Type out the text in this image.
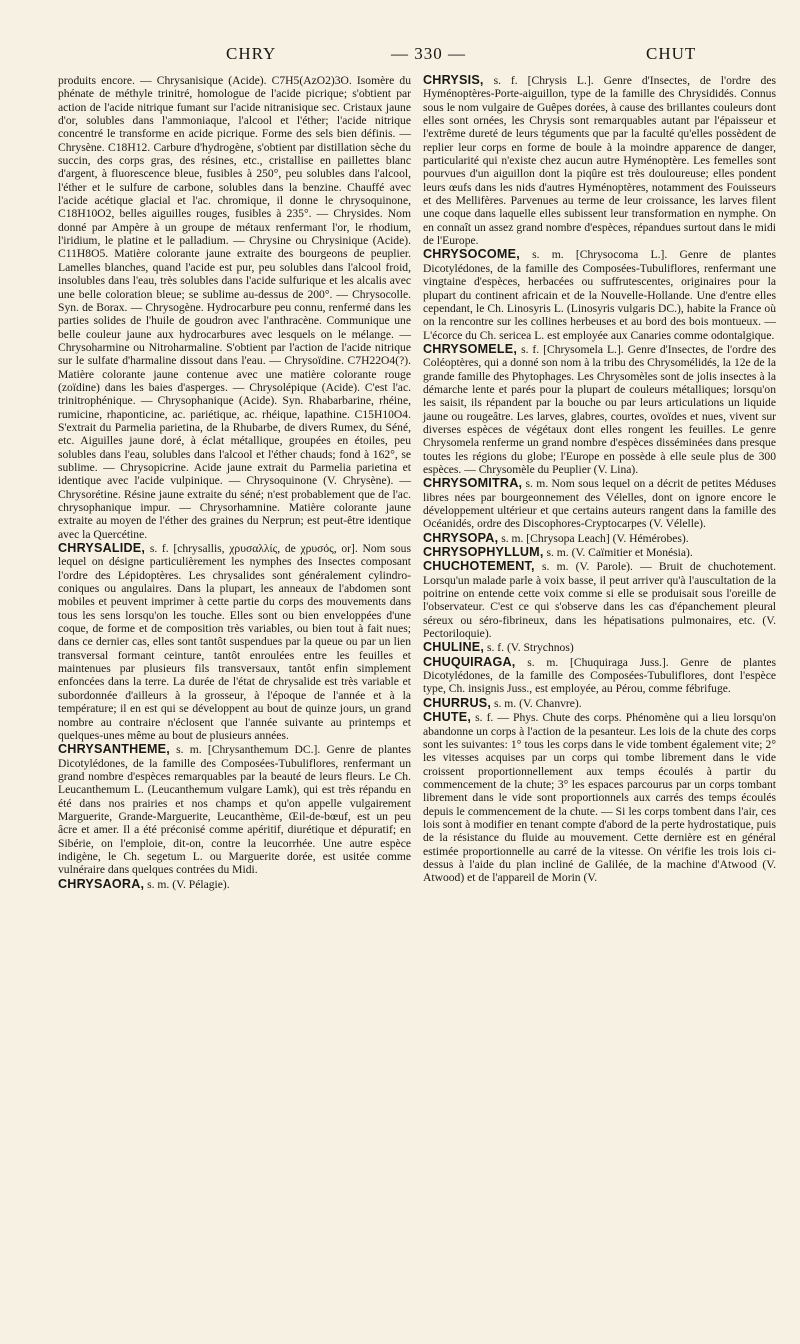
CHRY	— 330 —	CHUT

produits encore. — Chrysanisique (Acide). C7H5(AzO2)3O. Isomère du phénate de méthyle trinitré, homologue de l'acide picrique; s'obtient par action de l'acide nitrique fumant sur l'acide nitranisique sec. Cristaux jaune d'or, solubles dans l'ammoniaque, l'alcool et l'éther; l'acide nitrique concentré le transforme en acide picrique. Forme des sels bien définis. — Chrysène. C18H12. Carbure d'hydrogène, s'obtient par distillation sèche du succin, des corps gras, des résines, etc., cristallise en paillettes blanc d'argent, à fluorescence bleue, fusibles à 250°, peu solubles dans l'alcool, l'éther et le sulfure de carbone, solubles dans la benzine. Chauffé avec l'acide acétique glacial et l'ac. chromique, il donne le chrysoquinone, C18H10O2, belles aiguilles rouges, fusibles à 235°. — Chrysides. Nom donné par Ampère à un groupe de métaux renfermant l'or, le rhodium, l'iridium, le platine et le palladium. — Chrysine ou Chrysinique (Acide). C11H8O5. Matière colorante jaune extraite des bourgeons de peuplier. Lamelles blanches, quand l'acide est pur, peu solubles dans l'alcool froid, insolubles dans l'eau, très solubles dans l'acide sulfurique et les alcalis avec une belle coloration bleue; se sublime au-dessus de 200°. — Chrysocolle. Syn. de Borax. — Chrysogène. Hydrocarbure peu connu, renfermé dans les parties solides de l'huile de goudron avec l'anthracène. Communique une belle couleur jaune aux hydrocarbures avec lesquels on le mélange. — Chrysoharmine ou Nitroharmaline. S'obtient par l'action de l'acide nitrique sur le sulfate d'harmaline dissout dans l'eau. — Chrysoïdine. C7H22O4(?). Matière colorante jaune contenue avec une matière colorante rouge (zoïdine) dans les baies d'asperges. — Chrysolépique (Acide). C'est l'ac. trinitrophénique. — Chrysophanique (Acide). Syn. Rhabarbarine, rhéine, rumicine, rhaponticine, ac. pariétique, ac. rhéique, lapathine. C15H10O4. S'extrait du Parmelia parietina, de la Rhubarbe, de divers Rumex, du Séné, etc. Aiguilles jaune doré, à éclat métallique, groupées en étoiles, peu solubles dans l'eau, solubles dans l'alcool et l'éther chauds; fond à 162°, se sublime. — Chrysopicrine. Acide jaune extrait du Parmelia parietina et identique avec l'acide vulpinique. — Chrysoquinone (V. Chrysène). — Chrysorétine. Résine jaune extraite du séné; n'est probablement que de l'ac. chrysophanique impur. — Chrysorhamnine. Matière colorante jaune extraite au moyen de l'éther des graines du Nerprun; est peut-être identique avec la Quercétine.

CHRYSALIDE, s. f. [chrysallis, χρυσαλλίς, de χρυσός, or]. Nom sous lequel on désigne particulièrement les nymphes des Insectes composant l'ordre des Lépidoptères. Les chrysalides sont généralement cylindro-coniques ou angulaires. Dans la plupart, les anneaux de l'abdomen sont mobiles et peuvent imprimer à cette partie du corps des mouvements dans tous les sens lorsqu'on les touche. Elles sont ou bien enveloppées d'une coque, de forme et de composition très variables, ou bien tout à fait nues; dans ce dernier cas, elles sont tantôt suspendues par la queue ou par un lien transversal formant ceinture, tantôt enroulées entre les feuilles et maintenues par plusieurs fils transversaux, tantôt enfin simplement enfoncées dans la terre. La durée de l'état de chrysalide est très variable et subordonnée d'ailleurs à la grosseur, à l'époque de l'année et à la température; il en est qui se développent au bout de quinze jours, un grand nombre au contraire n'éclosent que l'année suivante au printemps et quelques-unes même au bout de plusieurs années.

CHRYSANTHEME, s. m. [Chrysanthemum DC.]. Genre de plantes Dicotylédones, de la famille des Composées-Tubuliflores, renfermant un grand nombre d'espèces remarquables par la beauté de leurs fleurs. Le Ch. Leucanthemum L. (Leucanthemum vulgare Lamk), qui est très répandu en été dans nos prairies et nos champs et qu'on appelle vulgairement Marguerite, Grande-Marguerite, Leucanthème, Œil-de-bœuf, est un peu âcre et amer. Il a été préconisé comme apéritif, diurétique et dépuratif; en Sibérie, on l'emploie, dit-on, contre la leucorrhée. Une autre espèce indigène, le Ch. segetum L. ou Marguerite dorée, est usitée comme vulnéraire dans quelques contrées du Midi.

CHRYSAORA, s. m. (V. Pélagie).

CHRYSIS, s. f. [Chrysis L.]. Genre d'Insectes, de l'ordre des Hyménoptères-Porte-aiguillon, type de la famille des Chrysididés. Connus sous le nom vulgaire de Guêpes dorées, à cause des brillantes couleurs dont elles sont ornées, les Chrysis sont remarquables autant par l'épaisseur et l'extrême dureté de leurs téguments que par la faculté qu'elles possèdent de replier leur corps en forme de boule à la moindre apparence de danger, particularité qui n'existe chez aucun autre Hyménoptère. Les femelles sont pourvues d'un aiguillon dont la piqûre est très douloureuse; elles pondent leurs œufs dans les nids d'autres Hyménoptères, notamment des Fouisseurs et des Mellifères. Parvenues au terme de leur croissance, les larves filent une coque dans laquelle elles subissent leur transformation en nymphe. On en connaît un assez grand nombre d'espèces, répandues surtout dans le midi de l'Europe.

CHRYSOCOME, s. m. [Chrysocoma L.]. Genre de plantes Dicotylédones, de la famille des Composées-Tubuliflores, renfermant une vingtaine d'espèces, herbacées ou suffrutescentes, originaires pour la plupart du continent africain et de la Nouvelle-Hollande. Une d'entre elles cependant, le Ch. Linosyris L. (Linosyris vulgaris DC.), habite la France où on la rencontre sur les collines herbeuses et au bord des bois montueux. — L'écorce du Ch. sericea L. est employée aux Canaries comme odontalgique.

CHRYSOMELE, s. f. [Chrysomela L.]. Genre d'Insectes, de l'ordre des Coléoptères, qui a donné son nom à la tribu des Chrysomélidés, la 12e de la grande famille des Phytophages. Les Chrysomèles sont de jolis insectes à la démarche lente et parés pour la plupart de couleurs métalliques; lorsqu'on les saisit, ils répandent par la bouche ou par leurs articulations un liquide jaune ou rougeâtre. Les larves, glabres, courtes, ovoïdes et nues, vivent sur diverses espèces de végétaux dont elles rongent les feuilles. Le genre Chrysomela renferme un grand nombre d'espèces disséminées dans presque toutes les régions du globe; l'Europe en possède à elle seule plus de 300 espèces. — Chrysomèle du Peuplier (V. Lina).

CHRYSOMITRA, s. m. Nom sous lequel on a décrit de petites Méduses libres nées par bourgeonnement des Vélelles, dont on ignore encore le développement ultérieur et que certains auteurs rangent dans la famille des Océanidés, ordre des Discophores-Cryptocarpes (V. Vélelle).

CHRYSOPA, s. m. [Chrysopa Leach] (V. Hémérobes).

CHRYSOPHYLLUM, s. m. (V. Caïmitier et Monésia).

CHUCHOTEMENT, s. m. (V. Parole). — Bruit de chuchotement. Lorsqu'un malade parle à voix basse, il peut arriver qu'à l'auscultation de la poitrine on entende cette voix comme si elle se produisait sous l'oreille de l'observateur. C'est ce qui s'observe dans les cas d'épanchement pleural séreux ou séro-fibrineux, dans les hépatisations pulmonaires, etc. (V. Pectoriloquie).

CHULINE, s. f. (V. Strychnos)

CHUQUIRAGA, s. m. [Chuquiraga Juss.]. Genre de plantes Dicotylédones, de la famille des Composées-Tubuliflores, dont l'espèce type, Ch. insignis Juss., est employée, au Pérou, comme fébrifuge.

CHURRUS, s. m. (V. Chanvre).

CHUTE, s. f. — Phys. Chute des corps. Phénomène qui a lieu lorsqu'on abandonne un corps à l'action de la pesanteur. Les lois de la chute des corps sont les suivantes: 1° tous les corps dans le vide tombent également vite; 2° les vitesses acquises par un corps qui tombe librement dans le vide croissent proportionnellement aux temps écoulés à partir du commencement de la chute; 3° les espaces parcourus par un corps tombant librement dans le vide sont proportionnels aux carrés des temps écoulés depuis le commencement de la chute. — Si les corps tombent dans l'air, ces lois sont à modifier en tenant compte d'abord de la perte hydrostatique, puis de la résistance du fluide au mouvement. Cette dernière est en général estimée proportionnelle au carré de la vitesse. On vérifie les trois lois ci-dessus à l'aide du plan incliné de Galilée, de la machine d'Atwood (V. Atwood) et de l'appareil de Morin (V.
